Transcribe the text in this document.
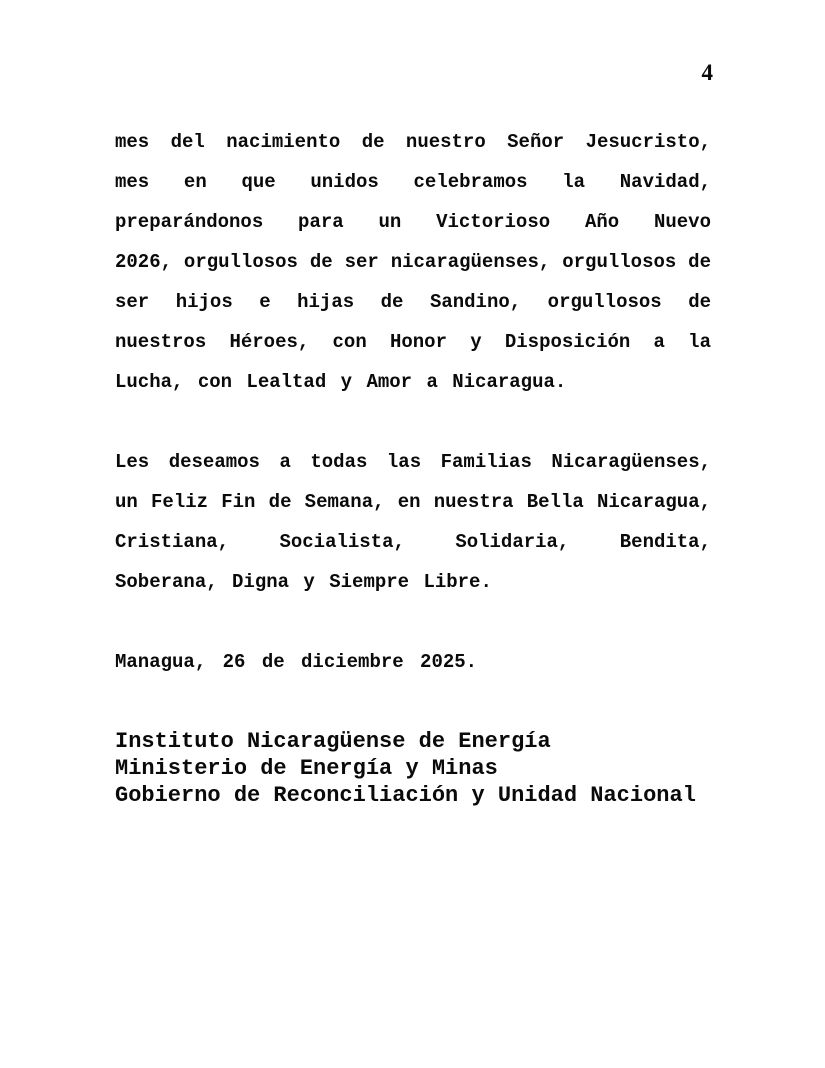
4
mes del nacimiento de nuestro Señor Jesucristo,
mes en que unidos celebramos la Navidad,
preparándonos para un Victorioso Año Nuevo
2026, orgullosos de ser nicaragüenses, orgullosos de
ser hijos e hijas de Sandino, orgullosos de
nuestros Héroes, con Honor y Disposición a la
Lucha, con Lealtad y Amor a Nicaragua.
Les deseamos a todas las Familias Nicaragüenses,
un Feliz Fin de Semana, en nuestra Bella Nicaragua,
Cristiana, Socialista, Solidaria, Bendita,
Soberana, Digna y Siempre Libre.
Managua, 26 de diciembre 2025.
Instituto Nicaragüense de Energía
Ministerio de Energía y Minas
Gobierno de Reconciliación y Unidad Nacional
